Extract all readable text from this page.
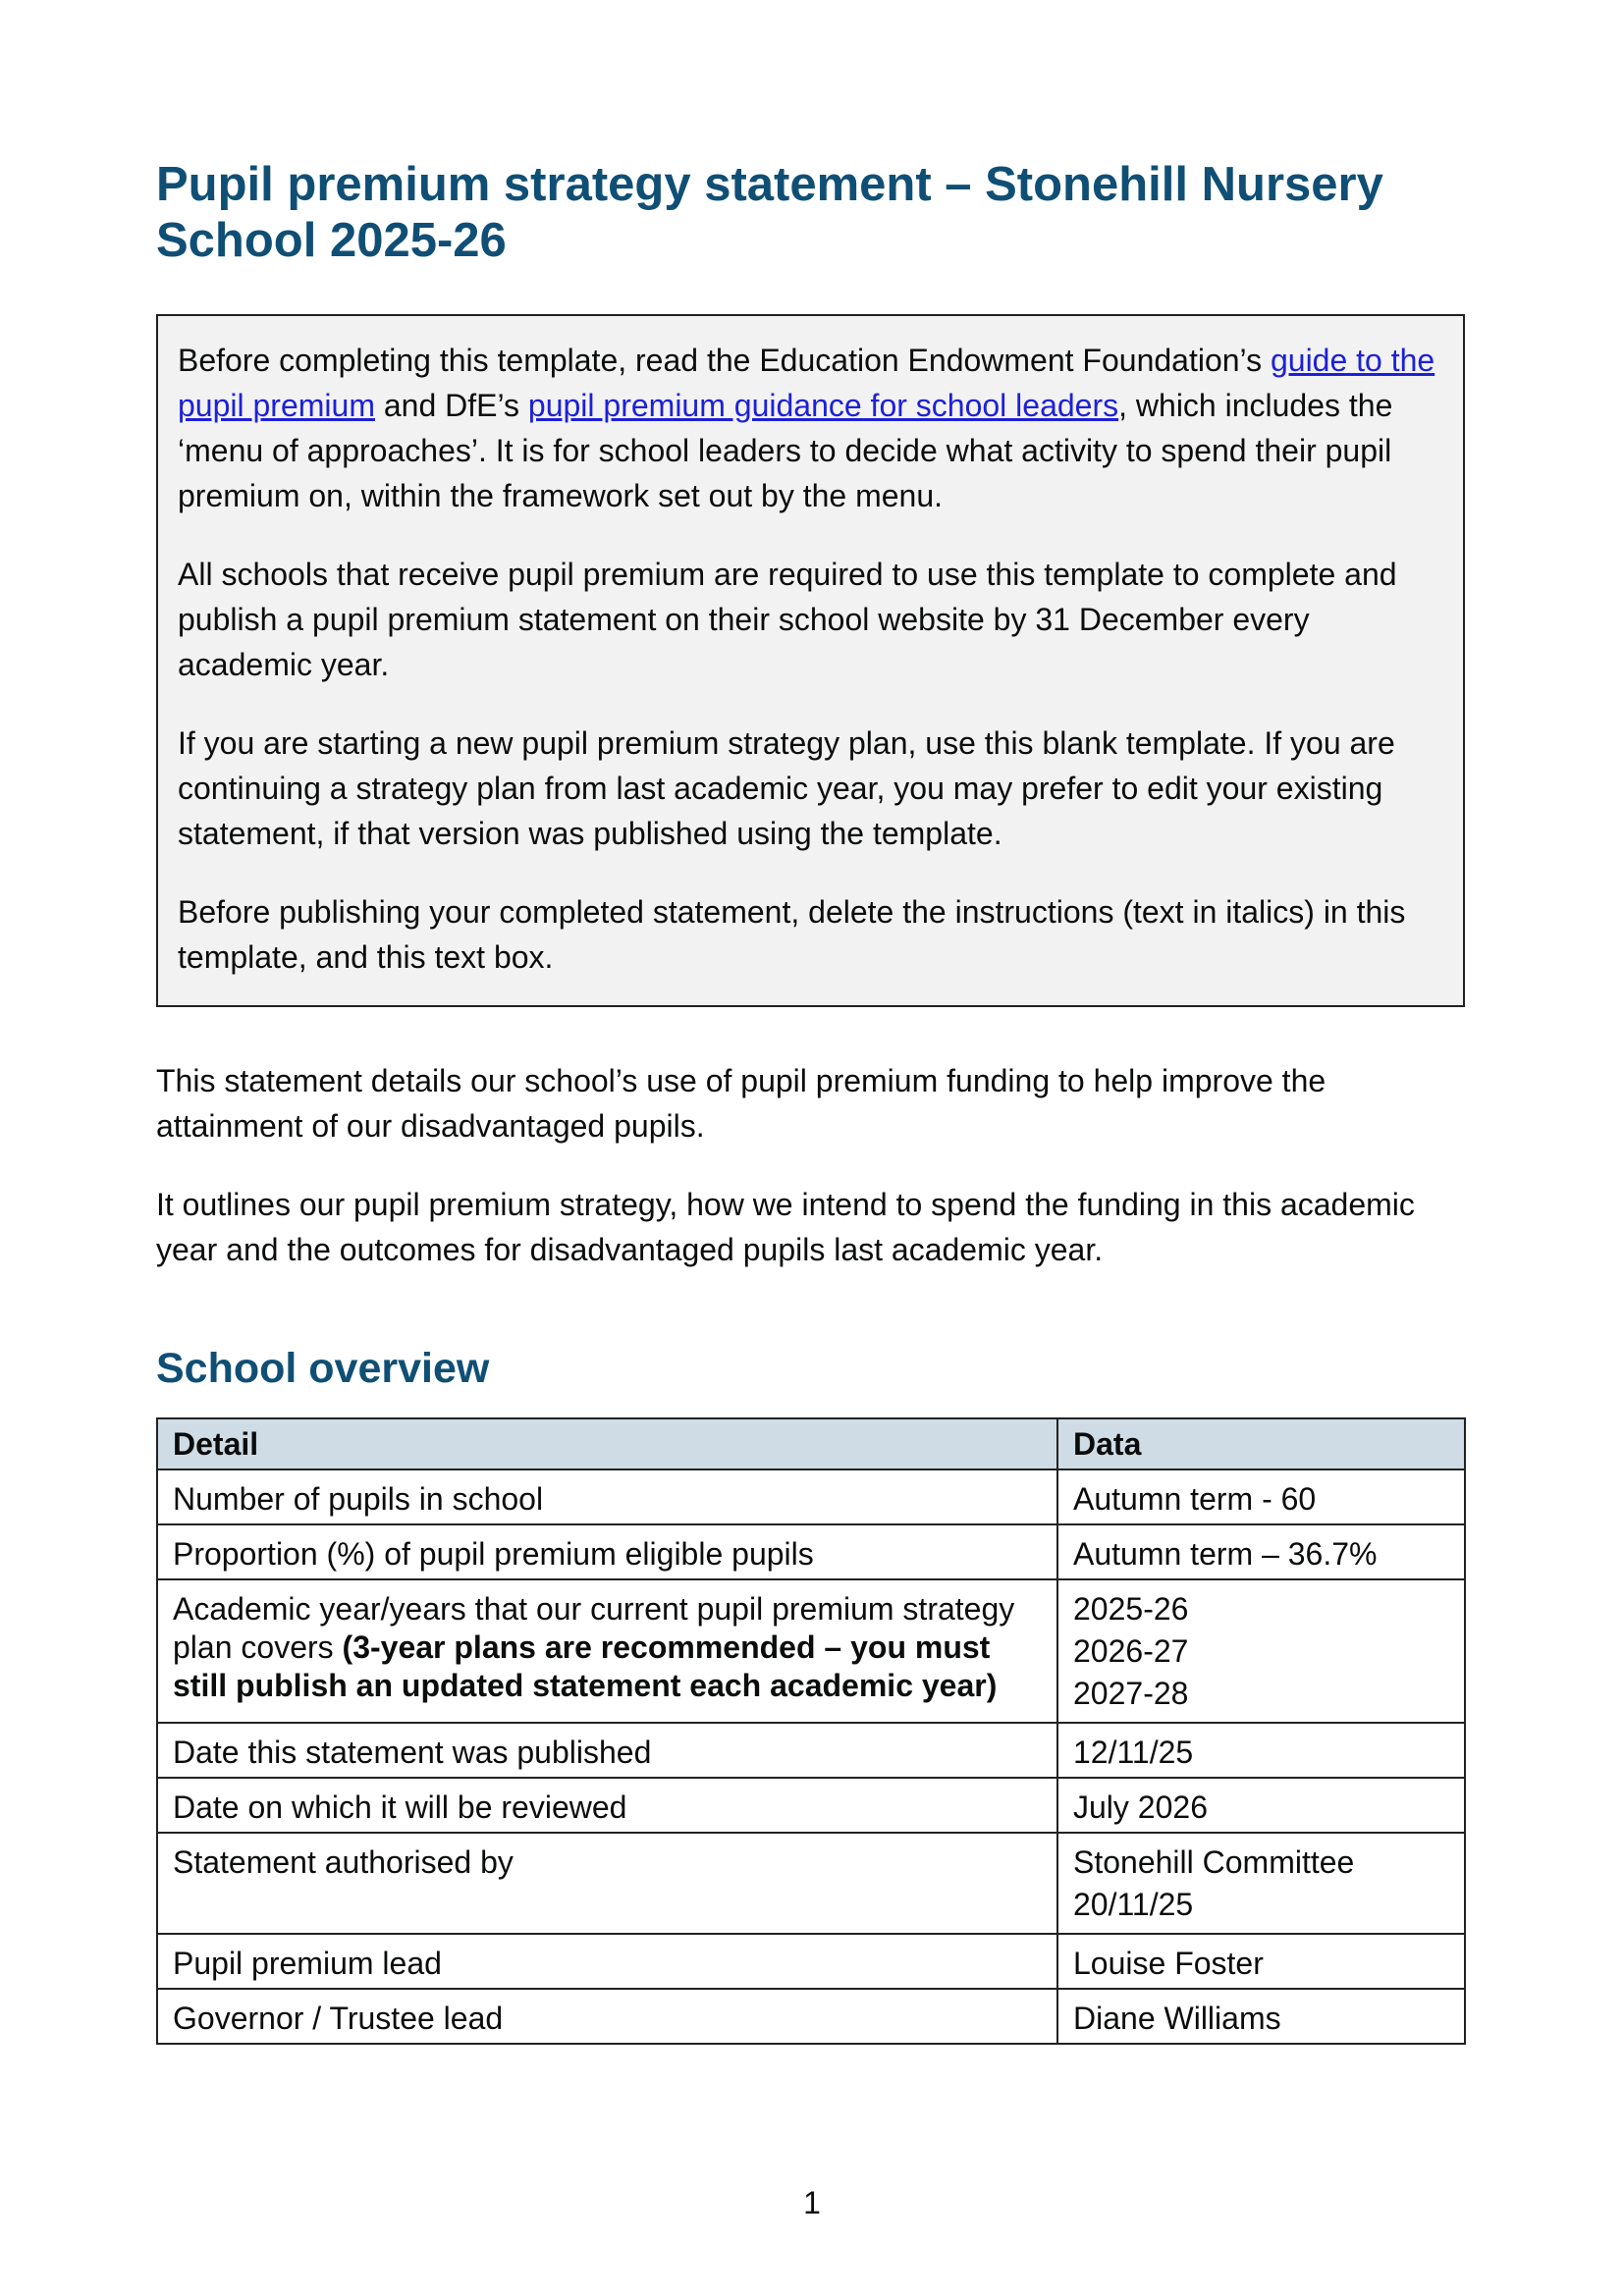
Pupil premium strategy statement – Stonehill Nursery School 2025-26

Before completing this template, read the Education Endowment Foundation’s guide to the pupil premium and DfE’s pupil premium guidance for school leaders, which includes the ‘menu of approaches’. It is for school leaders to decide what activity to spend their pupil premium on, within the framework set out by the menu.

All schools that receive pupil premium are required to use this template to complete and publish a pupil premium statement on their school website by 31 December every academic year.

If you are starting a new pupil premium strategy plan, use this blank template. If you are continuing a strategy plan from last academic year, you may prefer to edit your existing statement, if that version was published using the template.

Before publishing your completed statement, delete the instructions (text in italics) in this template, and this text box.

This statement details our school’s use of pupil premium funding to help improve the attainment of our disadvantaged pupils.

It outlines our pupil premium strategy, how we intend to spend the funding in this academic year and the outcomes for disadvantaged pupils last academic year.

School overview
Detail	Data
Number of pupils in school	Autumn term - 60
Proportion (%) of pupil premium eligible pupils	Autumn term – 36.7%
Academic year/years that our current pupil premium strategy plan covers (3-year plans are recommended – you must still publish an updated statement each academic year)	2025-26
2026-27
2027-28

Date this statement was published	12/11/25
Date on which it will be reviewed	July 2026
Statement authorised by	Stonehill Committee
20/11/25

Pupil premium lead	Louise Foster
Governor / Trustee lead	Diane Williams
1
